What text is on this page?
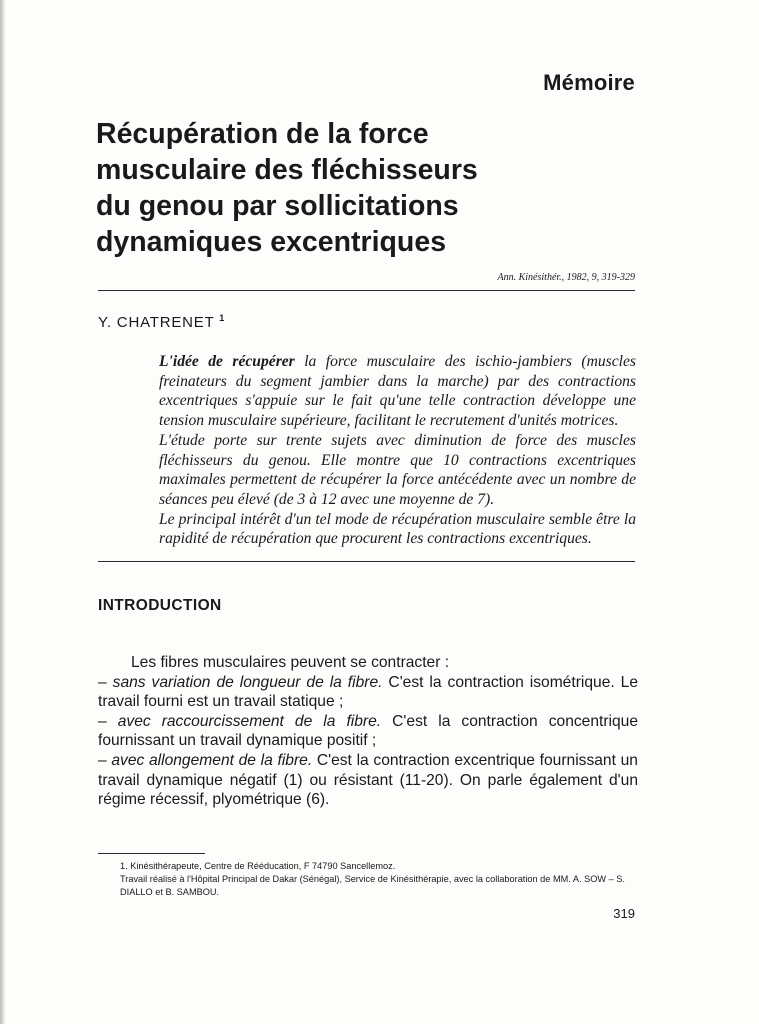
Mémoire
Récupération de la force
musculaire des fléchisseurs
du genou par sollicitations
dynamiques excentriques
Ann. Kinésithér., 1982, 9, 319-329
Y. CHATRENET $^1$

L'idée de récupérer la force musculaire des ischio-jambiers (muscles freinateurs du segment jambier dans la marche) par des contractions excentriques s'appuie sur le fait qu'une telle contraction développe une tension musculaire supérieure, facilitant le recrutement d'unités motrices.

L'étude porte sur trente sujets avec diminution de force des muscles fléchisseurs du genou. Elle montre que 10 contractions excentriques maximales permettent de récupérer la force antécédente avec un nombre de séances peu élevé (de 3 à 12 avec une moyenne de 7).

Le principal intérêt d'un tel mode de récupération musculaire semble être la rapidité de récupération que procurent les contractions excentriques.

INTRODUCTION

Les fibres musculaires peuvent se contracter :

– sans variation de longueur de la fibre. C'est la contraction isométrique. Le travail fourni est un travail statique ;

– avec raccourcissement de la fibre. C'est la contraction concentrique fournissant un travail dynamique positif ;

– avec allongement de la fibre. C'est la contraction excentrique fournissant un travail dynamique négatif (1) ou résistant (11-20). On parle également d'un régime récessif, plyométrique (6).

1. Kinésithérapeute, Centre de Rééducation, F 74790 Sancellemoz.

Travail réalisé à l'Hôpital Principal de Dakar (Sénégal), Service de Kinésithérapie, avec la collaboration de MM. A. SOW – S. DIALLO et B. SAMBOU.

319
